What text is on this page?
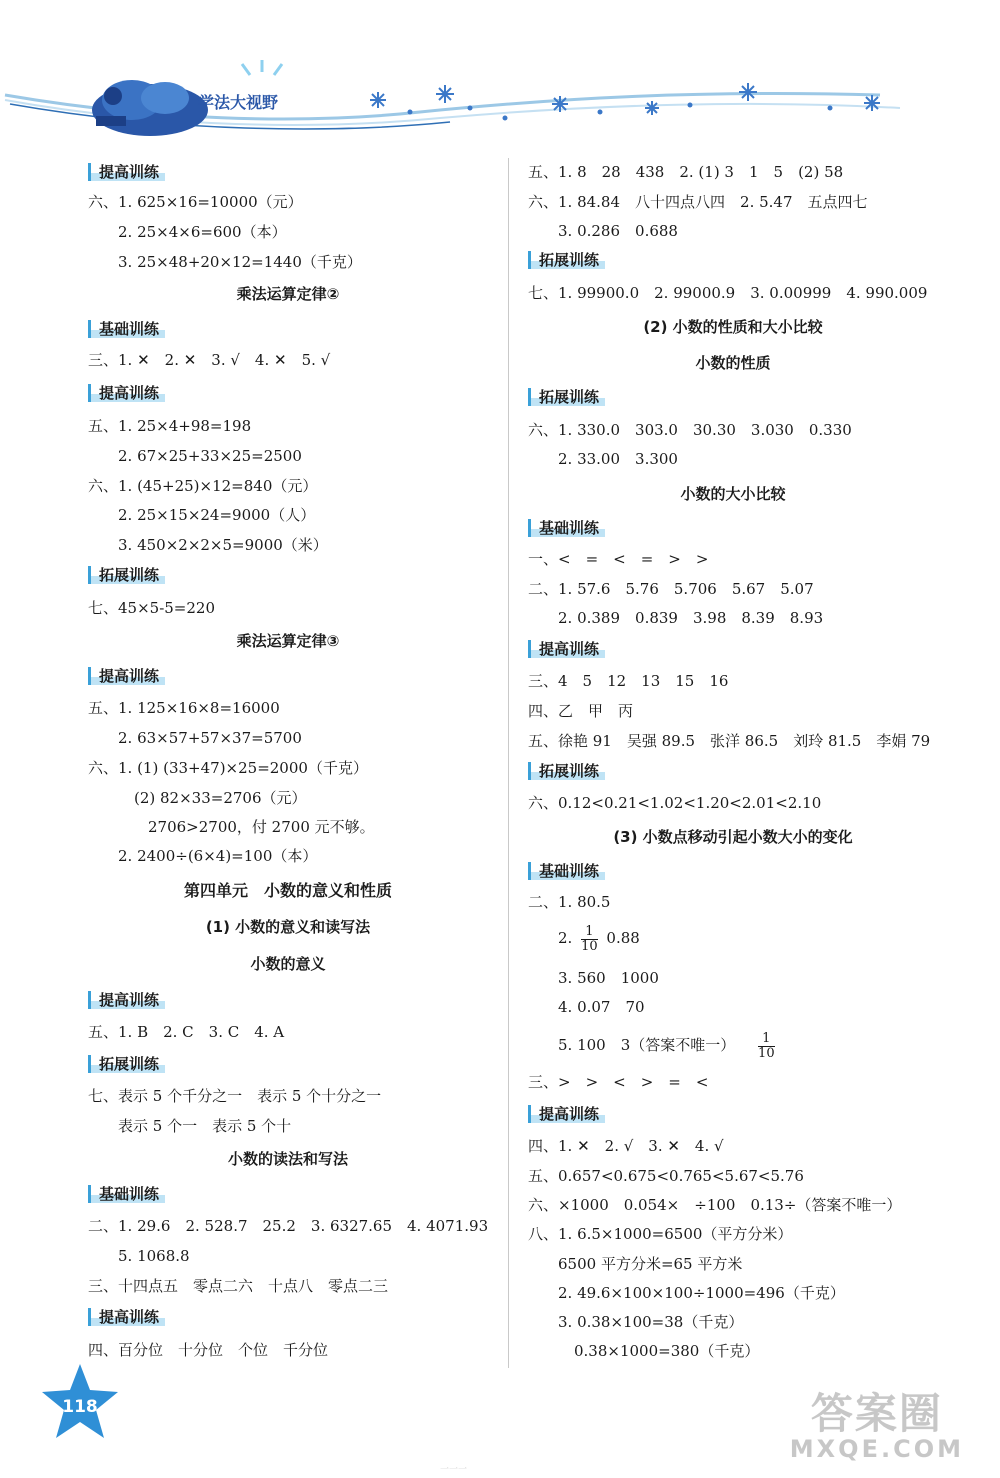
学法大视野
提高训练
六、1. 625×16=10000（元）
2. 25×4×6=600（本）
3. 25×48+20×12=1440（千克）
乘法运算定律②
基础训练
三、1. ✕　2. ✕　3. √　4. ✕　5. √
提高训练
五、1. 25×4+98=198
2. 67×25+33×25=2500
六、1. (45+25)×12=840（元）
2. 25×15×24=9000（人）
3. 450×2×2×5=9000（米）
拓展训练
七、45×5-5=220
乘法运算定律③
提高训练
五、1. 125×16×8=16000
2. 63×57+57×37=5700
六、1. (1) (33+47)×25=2000（千克）
(2) 82×33=2706（元）
2706>2700，付 2700 元不够。
2. 2400÷(6×4)=100（本）
第四单元　小数的意义和性质
(1) 小数的意义和读写法
小数的意义
提高训练
五、1. B　2. C　3. C　4. A
拓展训练
七、表示 5 个千分之一　表示 5 个十分之一
表示 5 个一　表示 5 个十
小数的读法和写法
基础训练
二、1. 29.6　2. 528.7　25.2　3. 6327.65　4. 4071.93
5. 1068.8
三、十四点五　零点二六　十点八　零点二三
提高训练
四、百分位　十分位　个位　千分位
五、1. 8　28　438　2. (1) 3　1　5　(2) 58
六、1. 84.84　八十四点八四　2. 5.47　五点四七
3. 0.286　0.688
拓展训练
七、1. 99900.0　2. 99000.9　3. 0.00999　4. 990.009
(2) 小数的性质和大小比较
小数的性质
拓展训练
六、1. 330.0　303.0　30.30　3.030　0.330
2. 33.00　3.300
小数的大小比较
基础训练
一、<　=　<　=　>　>
二、1. 57.6　5.76　5.706　5.67　5.07
2. 0.389　0.839　3.98　8.39　8.93
提高训练
三、4　5　12　13　15　16
四、乙　甲　丙
五、徐艳 91　吴强 89.5　张洋 86.5　刘玲 81.5　李娟 79
拓展训练
六、0.12<0.21<1.02<1.20<2.01<2.10
(3) 小数点移动引起小数大小的变化
基础训练
二、1. 80.5
2. $\frac{1}{10} 0.88$
3. 560　1000
4. 0.07　70
5. 100　3（答案不唯一） $\frac{1}{10}$
三、>　>　<　>　=　<
提高训练
四、1. ✕　2. √　3. ✕　4. √
五、0.657<0.675<0.765<5.67<5.76
六、×1000　0.054×　÷100　0.13÷（答案不唯一）
八、1. 6.5×1000=6500（平方分米）
6500 平方分米=65 平方米
2. 49.6×100×100÷1000=496（千克）
3. 0.38×100=38（千克）
0.38×1000=380（千克）
118	答案圈
MXQE.COM
一一一
